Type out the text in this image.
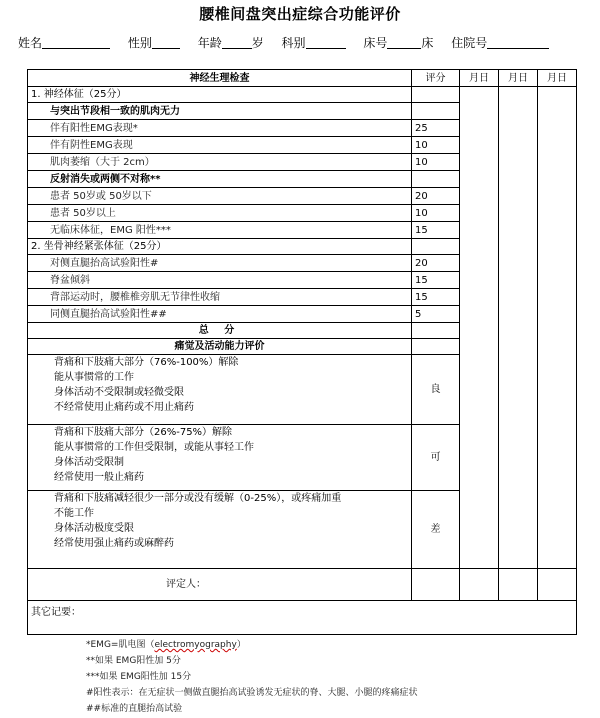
腰椎间盘突出症综合功能评价
姓名	性别	年龄	岁 科别	床号	床 住院号
神经生理检查	评分	月日	月日	月日
1. 神经体征（25分）				
与突出节段相一致的肌肉无力				
伴有阳性EMG表现*	25			
伴有阴性EMG表现	10			
肌肉萎缩（大于 2cm）	10			
反射消失或两侧不对称**				
患者 50岁或 50岁以下	20			
患者 50岁以上	10			
无临床体征，EMG 阳性***	15			
2. 坐骨神经紧张体征（25分）				
对侧直腿抬高试验阳性#	20			
脊盆倾斜	15			
背部运动时，腰椎椎旁肌无节律性收缩	15			
同侧直腿抬高试验阳性##	5			
总 分				
痛觉及活动能力评价				

背痛和下肢痛大部分（76%-100%）解除
能从事惯常的工作
身体活动不受限制或轻微受限
不经常使用止痛药或不用止痛药	良			

背痛和下肢痛大部分（26%-75%）解除
能从事惯常的工作但受限制，或能从事轻工作
身体活动受限制
经常使用一般止痛药	可			

背痛和下肢痛减轻很少一部分或没有缓解（0-25%），或疼痛加重
不能工作
身体活动极度受限
经常使用强止痛药或麻醉药	差			
评定人：				
其它记要：				
*EMG=肌电图（electromyography）
**如果 EMG阳性加 5分
***如果 EMG阳性加 15分
#阳性表示：在无症状一侧做直腿抬高试验诱发无症状的脊、大腿、小腿的疼痛症状
##标准的直腿抬高试验
